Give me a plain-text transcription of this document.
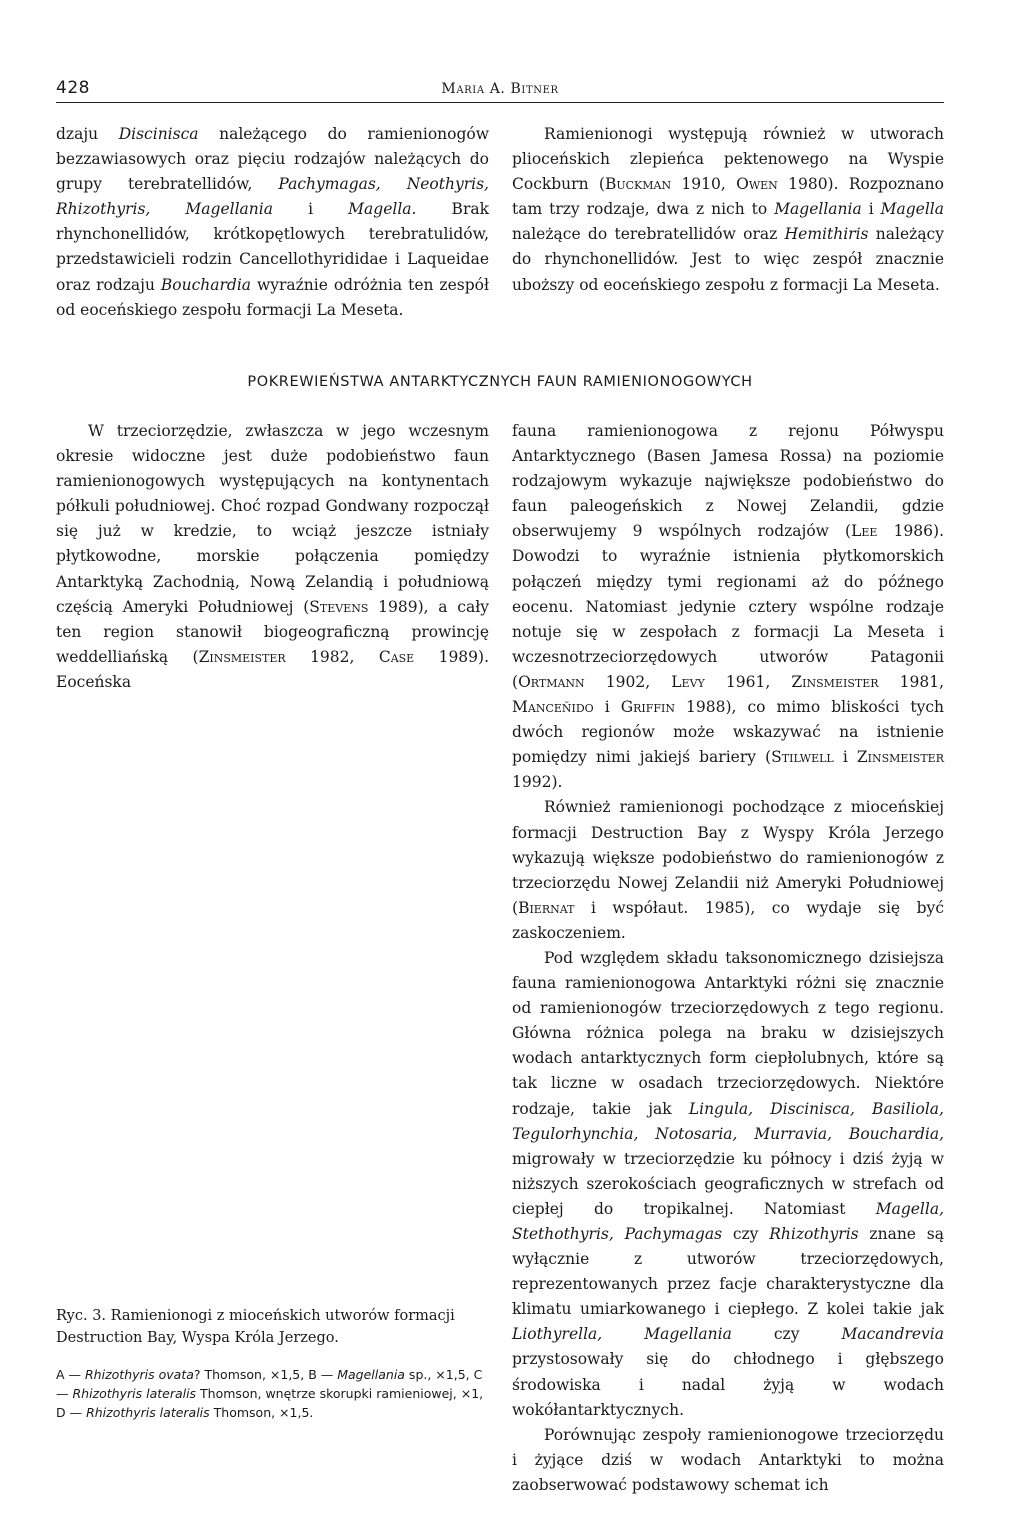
428	Maria A. Bitner

dzaju Discinisca należącego do ramienionogów bezzawiasowych oraz pięciu rodzajów należących do grupy terebratellidów, Pachymagas, Neothyris, Rhizothyris, Magellania i Magella. Brak rhynchonellidów, krótkopętlowych terebratulidów, przedstawicieli rodzin Cancellothyrididae i Laqueidae oraz rodzaju Bouchardia wyraźnie odróżnia ten zespół od eoceńskiego zespołu formacji La Meseta.

Ramienionogi występują również w utworach plioceńskich zlepieńca pektenowego na Wyspie Cockburn (Buckman 1910, Owen 1980). Rozpoznano tam trzy rodzaje, dwa z nich to Magellania i Magella należące do terebratellidów oraz Hemithiris należący do rhynchonellidów. Jest to więc zespół znacznie uboższy od eoceńskiego zespołu z formacji La Meseta.

POKREWIEŃSTWA ANTARKTYCZNYCH FAUN RAMIENIONOGOWYCH

W trzeciorzędzie, zwłaszcza w jego wczesnym okresie widoczne jest duże podobieństwo faun ramienionogowych występujących na kontynentach półkuli południowej. Choć rozpad Gondwany rozpoczął się już w kredzie, to wciąż jeszcze istniały płytkowodne, morskie połączenia pomiędzy Antarktyką Zachodnią, Nową Zelandią i południową częścią Ameryki Południowej (Stevens 1989), a cały ten region stanowił biogeograficzną prowincję weddelliańską (Zinsmeister 1982, Case 1989). Eoceńska

Ryc. 3. Ramienionogi z mioceńskich utworów formacji Destruction Bay, Wyspa Króla Jerzego.

A — Rhizothyris ovata? Thomson, ×1,5, B — Magellania sp., ×1,5, C — Rhizothyris lateralis Thomson, wnętrze skorupki ramieniowej, ×1, D — Rhizothyris lateralis Thomson, ×1,5.

fauna ramienionogowa z rejonu Półwyspu Antarktycznego (Basen Jamesa Rossa) na poziomie rodzajowym wykazuje największe podobieństwo do faun paleogeńskich z Nowej Zelandii, gdzie obserwujemy 9 wspólnych rodzajów (Lee 1986). Dowodzi to wyraźnie istnienia płytkomorskich połączeń między tymi regionami aż do późnego eocenu. Natomiast jedynie cztery wspólne rodzaje notuje się w zespołach z formacji La Meseta i wczesnotrzeciorzędowych utworów Patagonii (Ortmann 1902, Levy 1961, Zinsmeister 1981, Manceñido i Griffin 1988), co mimo bliskości tych dwóch regionów może wskazywać na istnienie pomiędzy nimi jakiejś bariery (Stilwell i Zinsmeister 1992).

Również ramienionogi pochodzące z mioceńskiej formacji Destruction Bay z Wyspy Króla Jerzego wykazują większe podobieństwo do ramienionogów z trzeciorzędu Nowej Zelandii niż Ameryki Południowej (Biernat i współaut. 1985), co wydaje się być zaskoczeniem.

Pod względem składu taksonomicznego dzisiejsza fauna ramienionogowa Antarktyki różni się znacznie od ramienionogów trzeciorzędowych z tego regionu. Główna różnica polega na braku w dzisiejszych wodach antarktycznych form ciepłolubnych, które są tak liczne w osadach trzeciorzędowych. Niektóre rodzaje, takie jak Lingula, Discinisca, Basiliola, Tegulorhynchia, Notosaria, Murravia, Bouchardia, migrowały w trzeciorzędzie ku północy i dziś żyją w niższych szerokościach geograficznych w strefach od ciepłej do tropikalnej. Natomiast Magella, Stethothyris, Pachymagas czy Rhizothyris znane są wyłącznie z utworów trzeciorzędowych, reprezentowanych przez facje charakterystyczne dla klimatu umiarkowanego i ciepłego. Z kolei takie jak Liothyrella, Magellania czy Macandrevia przystosowały się do chłodnego i głębszego środowiska i nadal żyją w wodach wokółantarktycznych.

Porównując zespoły ramienionogowe trzeciorzędu i żyjące dziś w wodach Antarktyki to można zaobserwować podstawowy schemat ich
